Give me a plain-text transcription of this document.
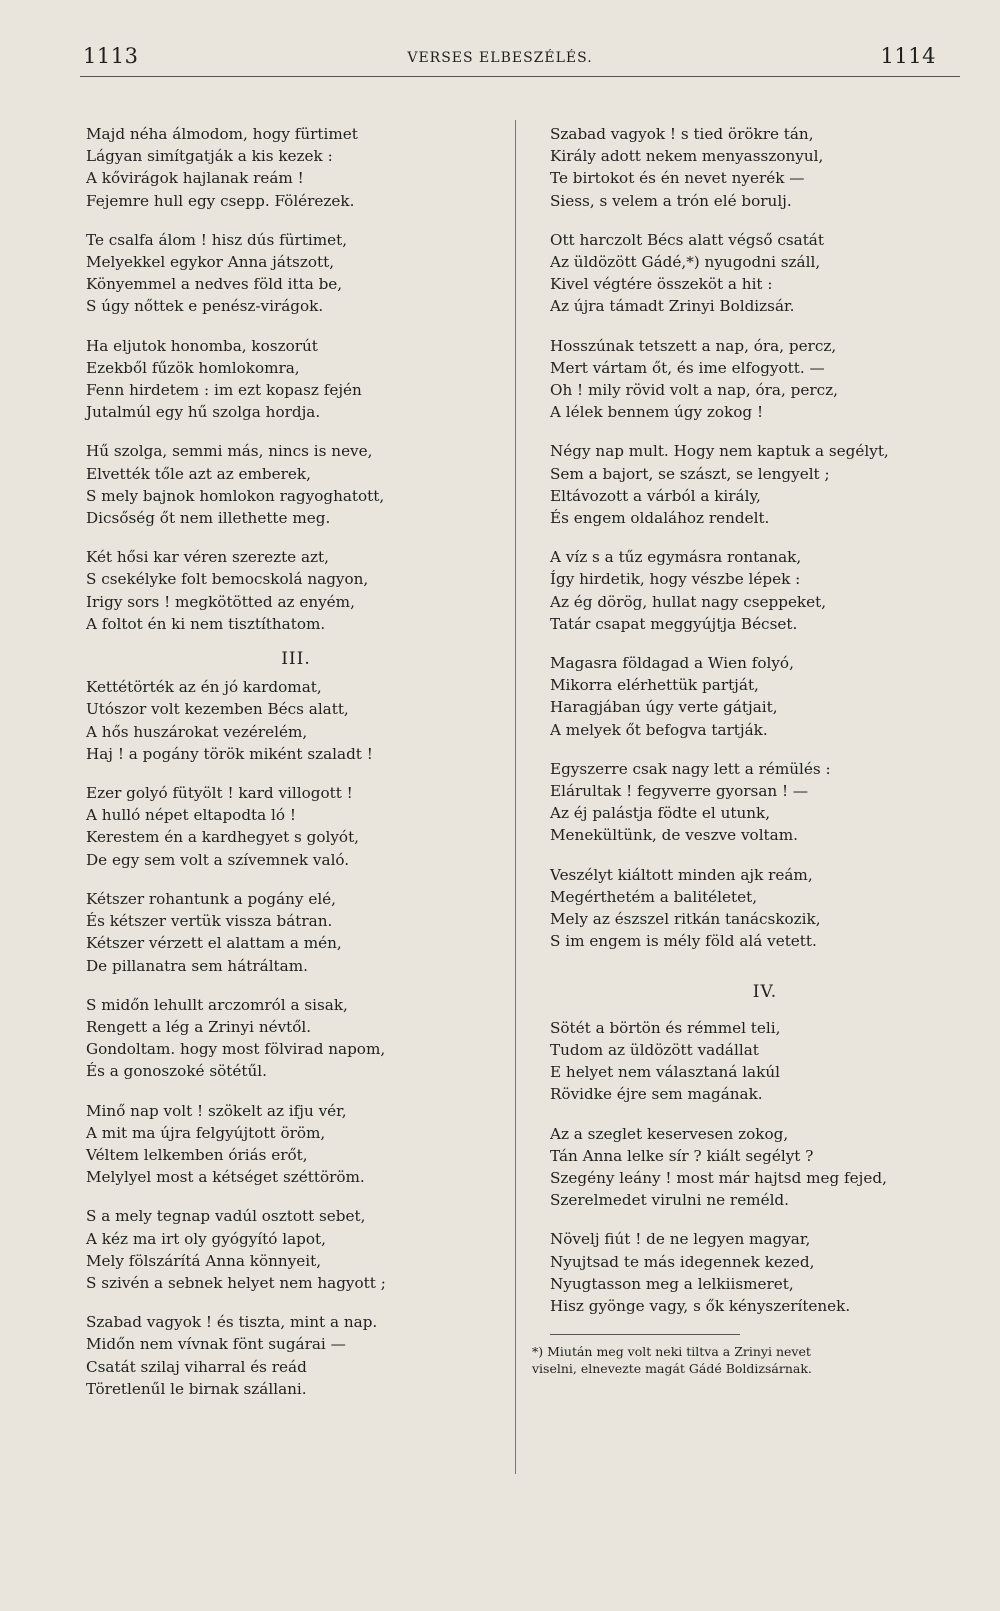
1113	VERSES ELBESZÉLÉS.	1114
Majd néha álmodom, hogy fürtimet
Lágyan simítgatják a kis kezek :
A kővirágok hajlanak reám !
Fejemre hull egy csepp. Fölérezek.
Te csalfa álom ! hisz dús fürtimet,
Melyekkel egykor Anna játszott,
Könyemmel a nedves föld itta be,
S úgy nőttek e penész-virágok.
Ha eljutok honomba, koszorút
Ezekből fűzök homlokomra,
Fenn hirdetem : im ezt kopasz fején
Jutalmúl egy hű szolga hordja.
Hű szolga, semmi más, nincs is neve,
Elvették tőle azt az emberek,
S mely bajnok homlokon ragyoghatott,
Dicsőség őt nem illethette meg.
Két hősi kar véren szerezte azt,
S csekélyke folt bemocskolá nagyon,
Irigy sors ! megkötötted az enyém,
A foltot én ki nem tisztíthatom.
III.
Kettétörték az én jó kardomat,
Utószor volt kezemben Bécs alatt,
A hős huszárokat vezérelém,
Haj ! a pogány török miként szaladt !
Ezer golyó fütyölt ! kard villogott !
A hulló népet eltapodta ló !
Kerestem én a kardhegyet s golyót,
De egy sem volt a szívemnek való.
Kétszer rohantunk a pogány elé,
És kétszer vertük vissza bátran.
Kétszer vérzett el alattam a mén,
De pillanatra sem hátráltam.
S midőn lehullt arczomról a sisak,
Rengett a lég a Zrinyi névtől.
Gondoltam. hogy most fölvirad napom,
És a gonoszoké sötétűl.
Minő nap volt ! szökelt az ifju vér,
A mit ma újra felgyújtott öröm,
Véltem lelkemben óriás erőt,
Melylyel most a kétséget széttöröm.
S a mely tegnap vadúl osztott sebet,
A kéz ma irt oly gyógyító lapot,
Mely fölszárítá Anna könnyeit,
S szivén a sebnek helyet nem hagyott ;
Szabad vagyok ! és tiszta, mint a nap.
Midőn nem vívnak fönt sugárai —
Csatát szilaj viharral és reád
Töretlenűl le birnak szállani.
Szabad vagyok ! s tied örökre tán,
Király adott nekem menyasszonyul,
Te birtokot és én nevet nyerék —
Siess, s velem a trón elé borulj.
Ott harczolt Bécs alatt végső csatát
Az üldözött Gádé,*) nyugodni száll,
Kivel végtére összeköt a hit :
Az újra támadt Zrinyi Boldizsár.
Hosszúnak tetszett a nap, óra, percz,
Mert vártam őt, és ime elfogyott. —
Oh ! mily rövid volt a nap, óra, percz,
A lélek bennem úgy zokog !
Négy nap mult. Hogy nem kaptuk a segélyt,
Sem a bajort, se szászt, se lengyelt ;
Eltávozott a várból a király,
És engem oldalához rendelt.
A víz s a tűz egymásra rontanak,
Így hirdetik, hogy vészbe lépek :
Az ég dörög, hullat nagy cseppeket,
Tatár csapat meggyújtja Bécset.
Magasra földagad a Wien folyó,
Mikorra elérhettük partját,
Haragjában úgy verte gátjait,
A melyek őt befogva tartják.
Egyszerre csak nagy lett a rémülés :
Elárultak ! fegyverre gyorsan ! —
Az éj palástja födte el utunk,
Menekültünk, de veszve voltam.
Veszélyt kiáltott minden ajk reám,
Megérthetém a balitéletet,
Mely az észszel ritkán tanácskozik,
S im engem is mély föld alá vetett.
IV.
Sötét a börtön és rémmel teli,
Tudom az üldözött vadállat
E helyet nem választaná lakúl
Rövidke éjre sem magának.
Az a szeglet keservesen zokog,
Tán Anna lelke sír ? kiált segélyt ?
Szegény leány ! most már hajtsd meg fejed,
Szerelmedet virulni ne reméld.
Növelj fiút ! de ne legyen magyar,
Nyujtsad te más idegennek kezed,
Nyugtasson meg a lelkiismeret,
Hisz gyönge vagy, s ők kényszerítenek.
*) Miután meg volt neki tiltva a Zrinyi nevet
viselni, elnevezte magát Gádé Boldizsárnak.
